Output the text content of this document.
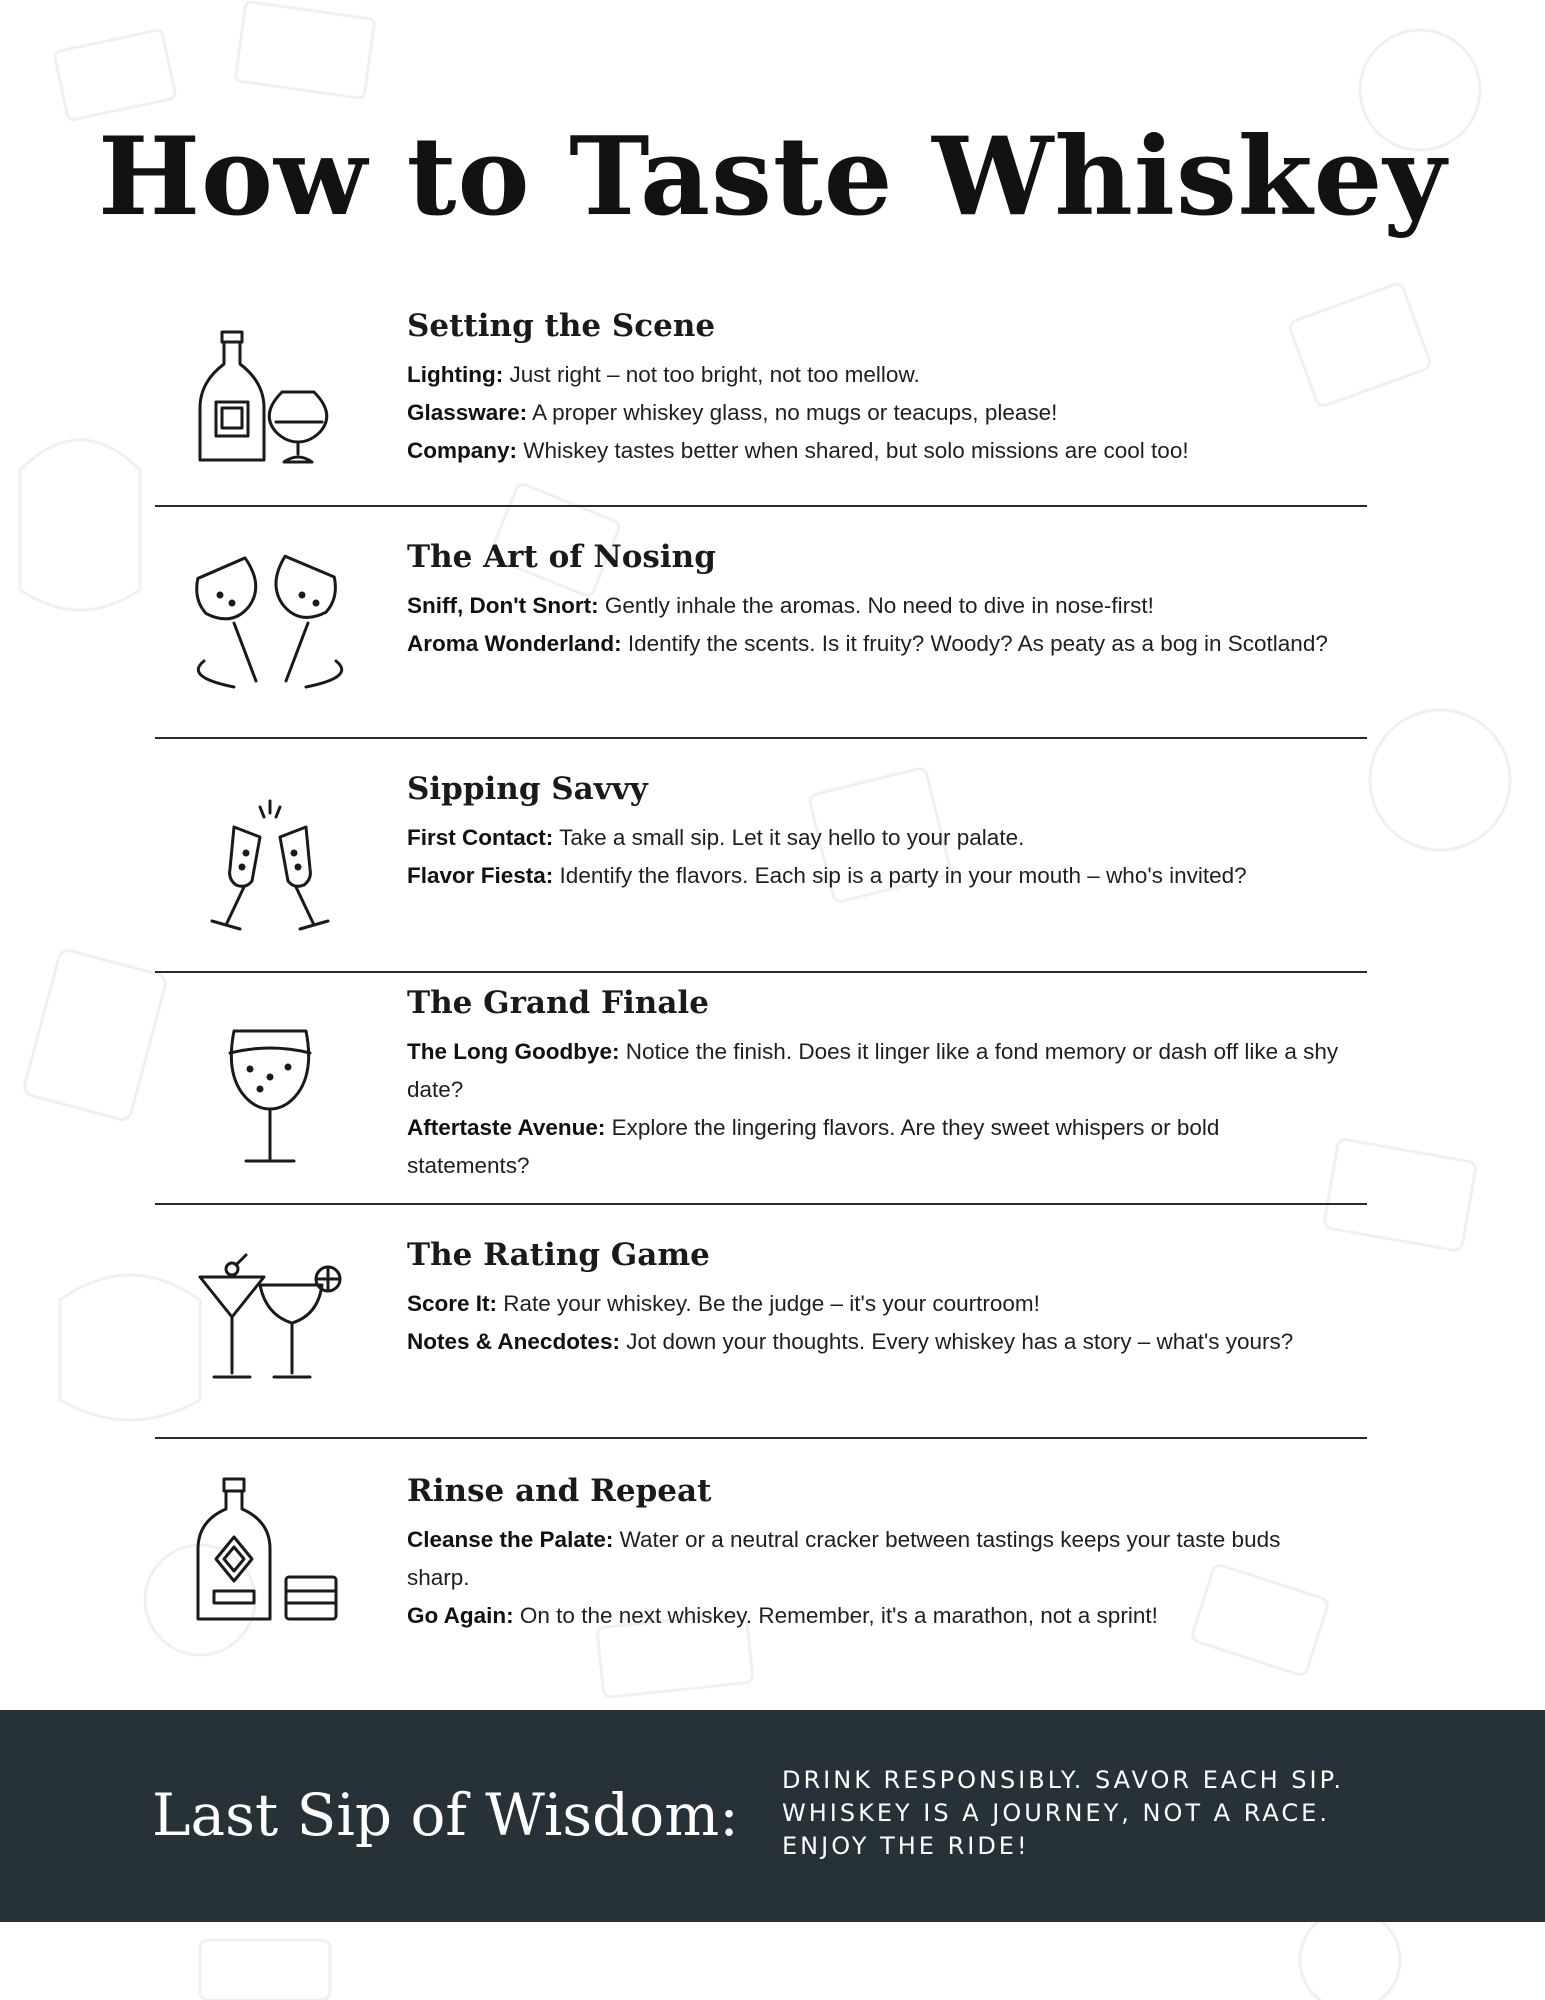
How to Taste Whiskey
Setting the Scene

Lighting: Just right – not too bright, not too mellow.

Glassware: A proper whiskey glass, no mugs or teacups, please!

Company: Whiskey tastes better when shared, but solo missions are cool too!

The Art of Nosing

Sniff, Don't Snort: Gently inhale the aromas. No need to dive in nose-first!

Aroma Wonderland: Identify the scents. Is it fruity? Woody? As peaty as a bog in Scotland?

Sipping Savvy

First Contact: Take a small sip. Let it say hello to your palate.

Flavor Fiesta: Identify the flavors. Each sip is a party in your mouth – who's invited?

The Grand Finale

The Long Goodbye: Notice the finish. Does it linger like a fond memory or dash off like a shy date?

Aftertaste Avenue: Explore the lingering flavors. Are they sweet whispers or bold statements?

The Rating Game

Score It: Rate your whiskey. Be the judge – it's your courtroom!

Notes & Anecdotes: Jot down your thoughts. Every whiskey has a story – what's yours?

Rinse and Repeat

Cleanse the Palate: Water or a neutral cracker between tastings keeps your taste buds sharp.

Go Again: On to the next whiskey. Remember, it's a marathon, not a sprint!

Last Sip of Wisdom:
DRINK RESPONSIBLY. SAVOR EACH SIP.
WHISKEY IS A JOURNEY, NOT A RACE.
ENJOY THE RIDE!
